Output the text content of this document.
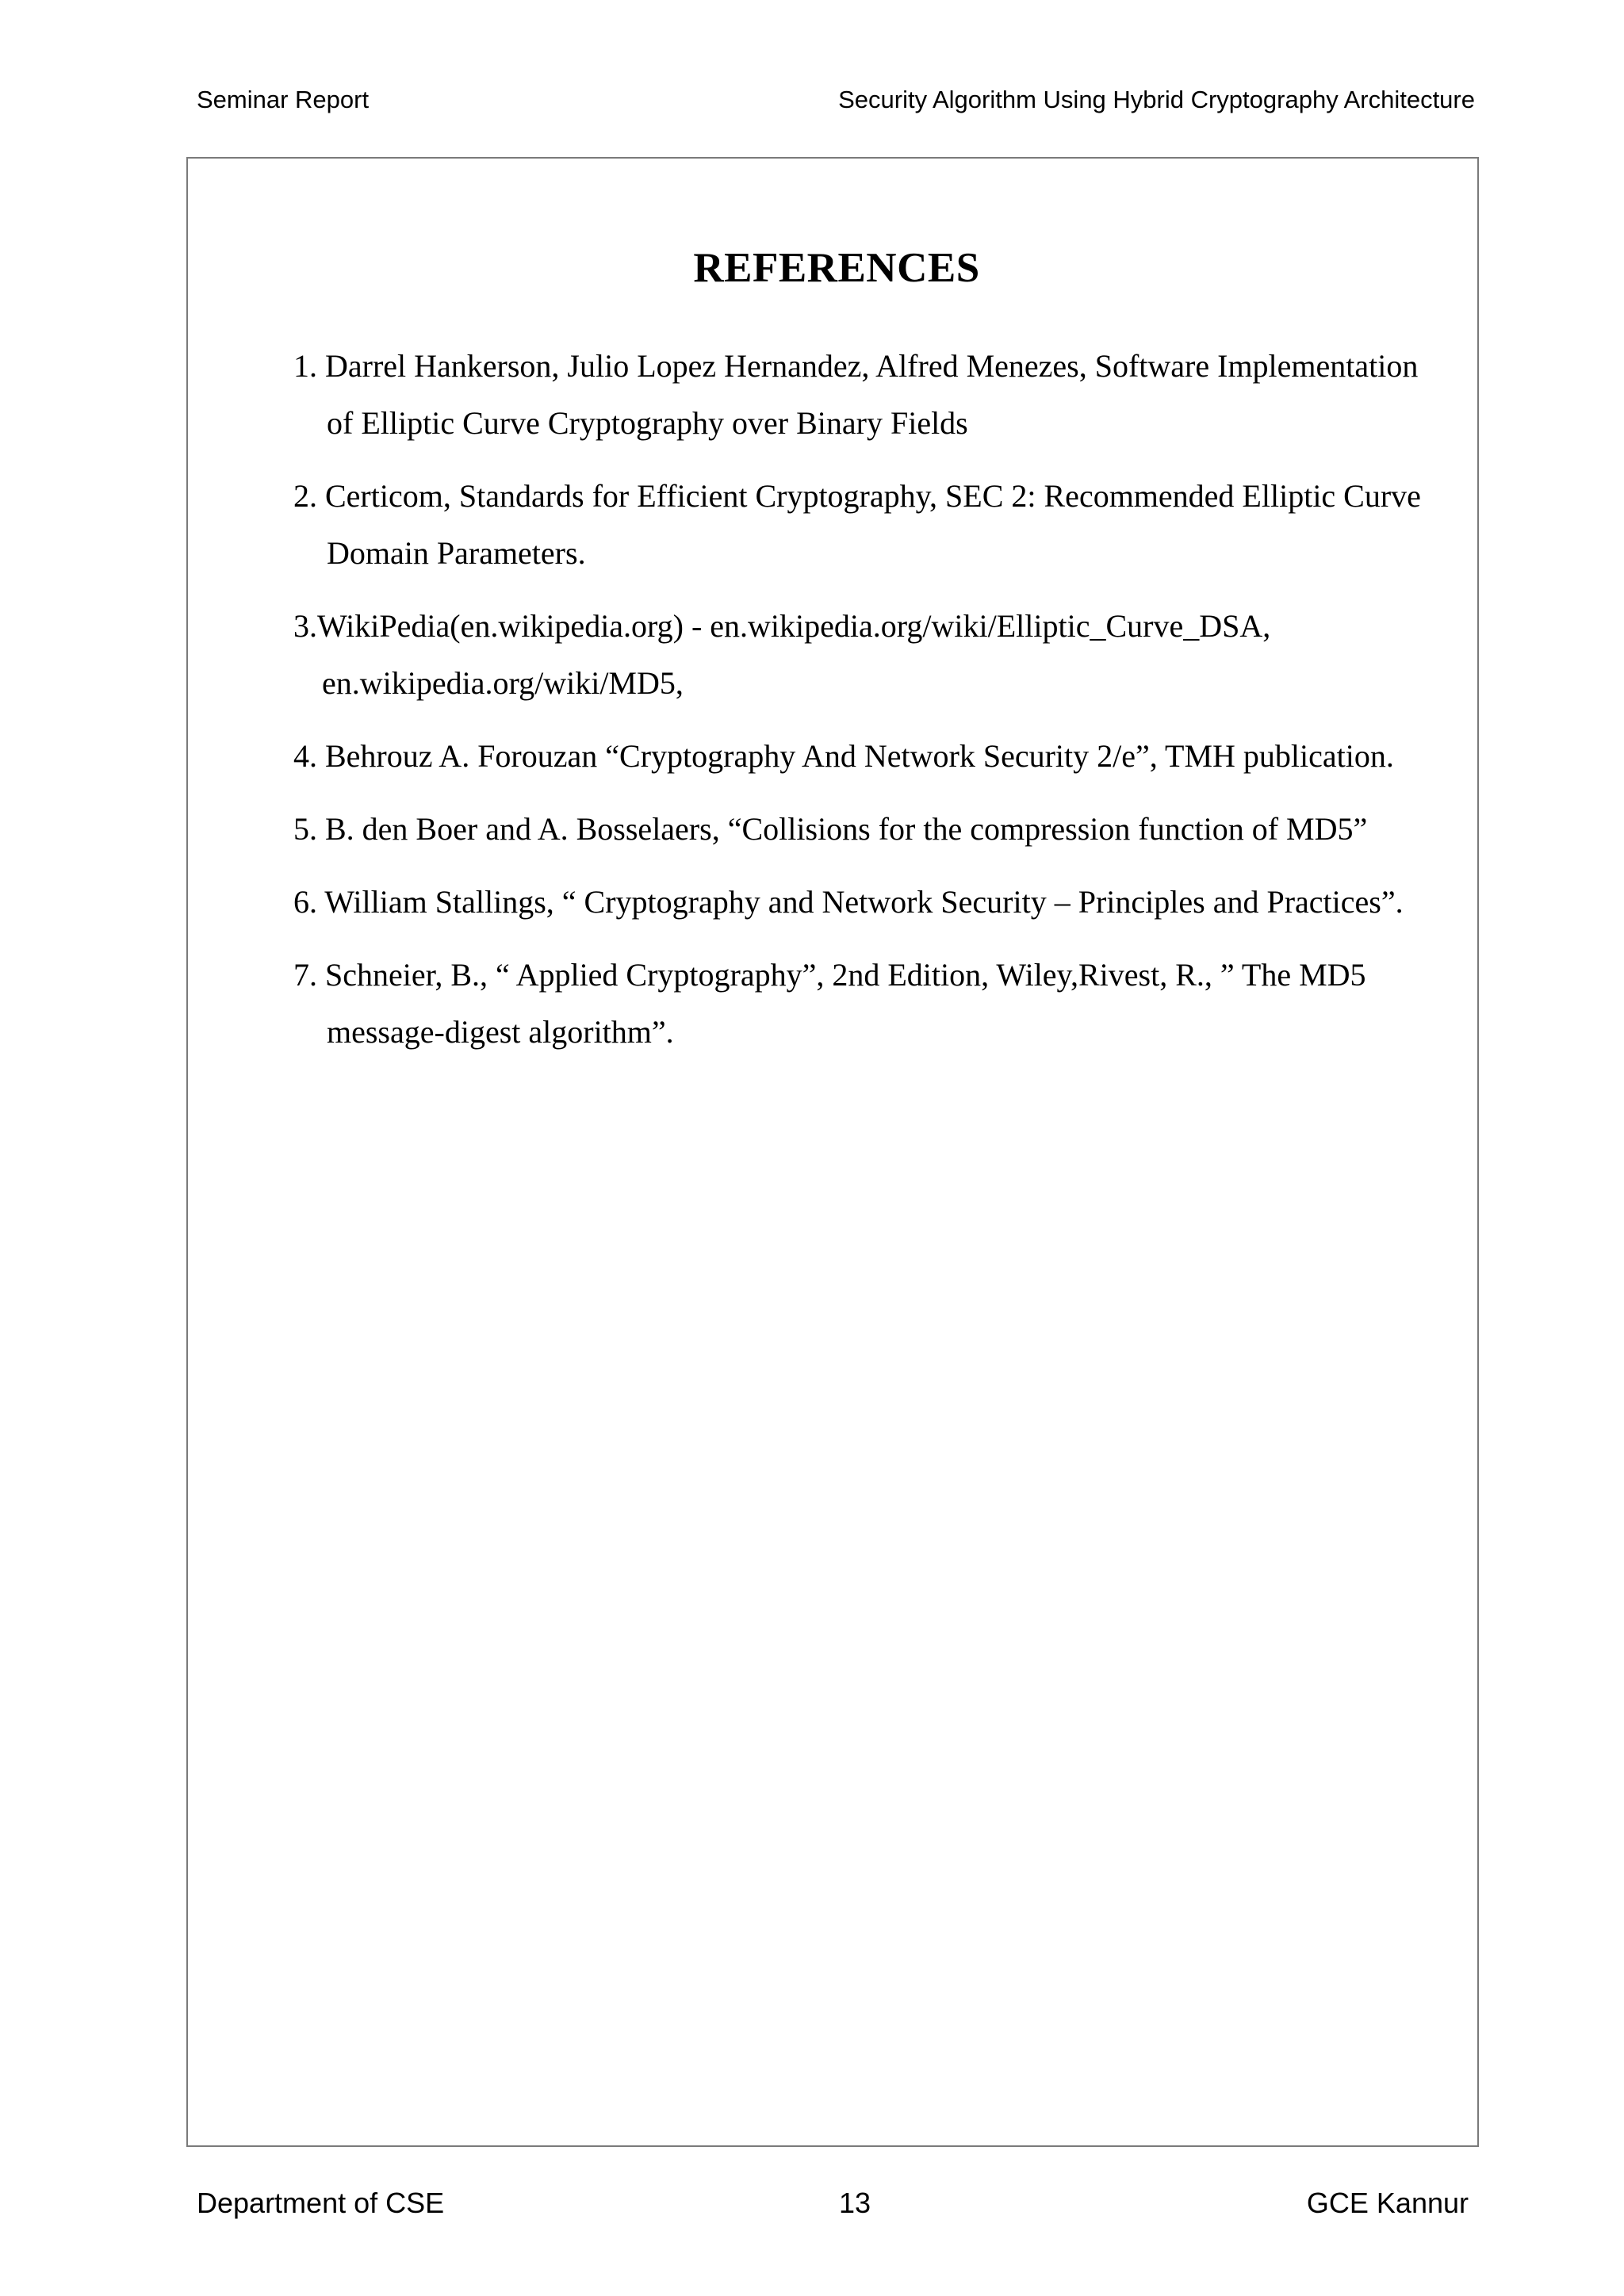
Seminar Report	Security Algorithm Using Hybrid Cryptography Architecture
REFERENCES
1. Darrel Hankerson, Julio Lopez Hernandez, Alfred Menezes, Software Implementation
of Elliptic Curve Cryptography over Binary Fields
2. Certicom, Standards for Efficient Cryptography, SEC 2: Recommended Elliptic Curve
Domain Parameters.
3.WikiPedia(en.wikipedia.org) - en.wikipedia.org/wiki/Elliptic_Curve_DSA,
en.wikipedia.org/wiki/MD5,
4. Behrouz A. Forouzan “Cryptography And Network Security 2/e”, TMH publication.
5. B. den Boer and A. Bosselaers, “Collisions for the compression function of MD5”
6. William Stallings, “ Cryptography and Network Security – Principles and Practices”.
7. Schneier, B., “ Applied Cryptography”, 2nd Edition, Wiley,Rivest, R., ” The MD5
message-digest algorithm”.
Department of CSE	13	GCE Kannur
